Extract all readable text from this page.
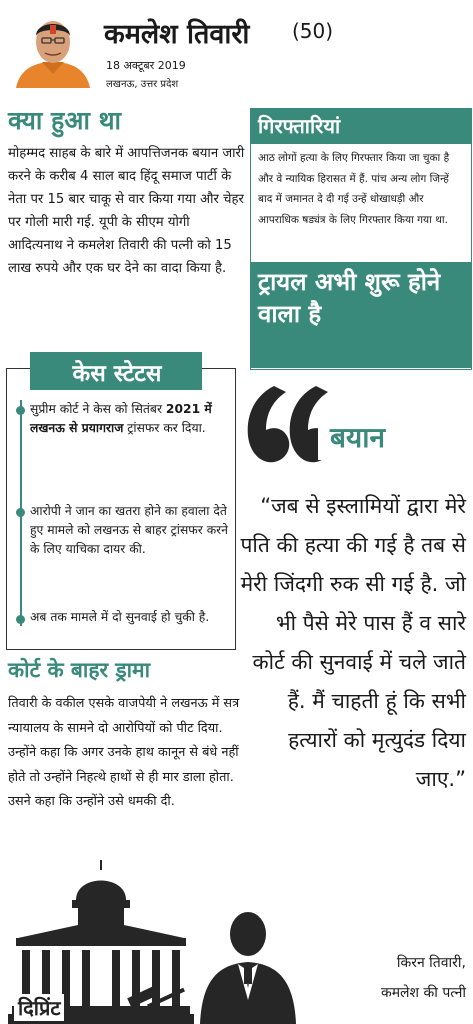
कमलेश तिवारी (50)
18 अक्टूबर 2019
लखनऊ, उत्तर प्रदेश
क्या हुआ था
मोहम्मद साहब के बारे में आपत्तिजनक बयान जारी करने के करीब 4 साल बाद हिंदू समाज पार्टी के नेता पर 15 बार चाकू से वार किया गया और चेहर पर गोली मारी गई. यूपी के सीएम योगी आदित्यनाथ ने कमलेश तिवारी की पत्नी को 15 लाख रुपये और एक घर देने का वादा किया है.
गिरफ्तारियां
आठ लोगों हत्या के लिए गिरफ्तार किया जा चुका है और वे न्यायिक हिरासत में हैं. पांच अन्य लोग जिन्हें बाद में जमानत दे दी गई उन्हें धोखाधड़ी और आपराधिक षड्यंत्र के लिए गिरफ्तार किया गया था.
ट्रायल अभी शुरू होने वाला है
केस स्टेटस
सुप्रीम कोर्ट ने केस को सितंबर 2021 में लखनऊ से प्रयागराज ट्रांसफर कर दिया.
आरोपी ने जान का खतरा होने का हवाला देते हुए मामले को लखनऊ से बाहर ट्रांसफर करने के लिए याचिका दायर की.
अब तक मामले में दो सुनवाई हो चुकी है.
कोर्ट के बाहर ड्रामा
तिवारी के वकील एसके वाजपेयी ने लखनऊ में सत्र न्यायालय के सामने दो आरोपियों को पीट दिया. उन्होंने कहा कि अगर उनके हाथ कानून से बंधे नहीं होते तो उन्होंने निहत्थे हाथों से ही मार डाला होता. उसने कहा कि उन्होंने उसे धमकी दी.
बयान
“जब से इस्लामियों द्वारा मेरे पति की हत्या की गई है तब से मेरी जिंदगी रुक सी गई है. जो भी पैसे मेरे पास हैं व सारे कोर्ट की सुनवाई में चले जाते हैं. मैं चाहती हूं कि सभी हत्यारों को मृत्युदंड दिया जाए.”
किरन तिवारी,
कमलेश की पत्नी
दिप्रिंट
